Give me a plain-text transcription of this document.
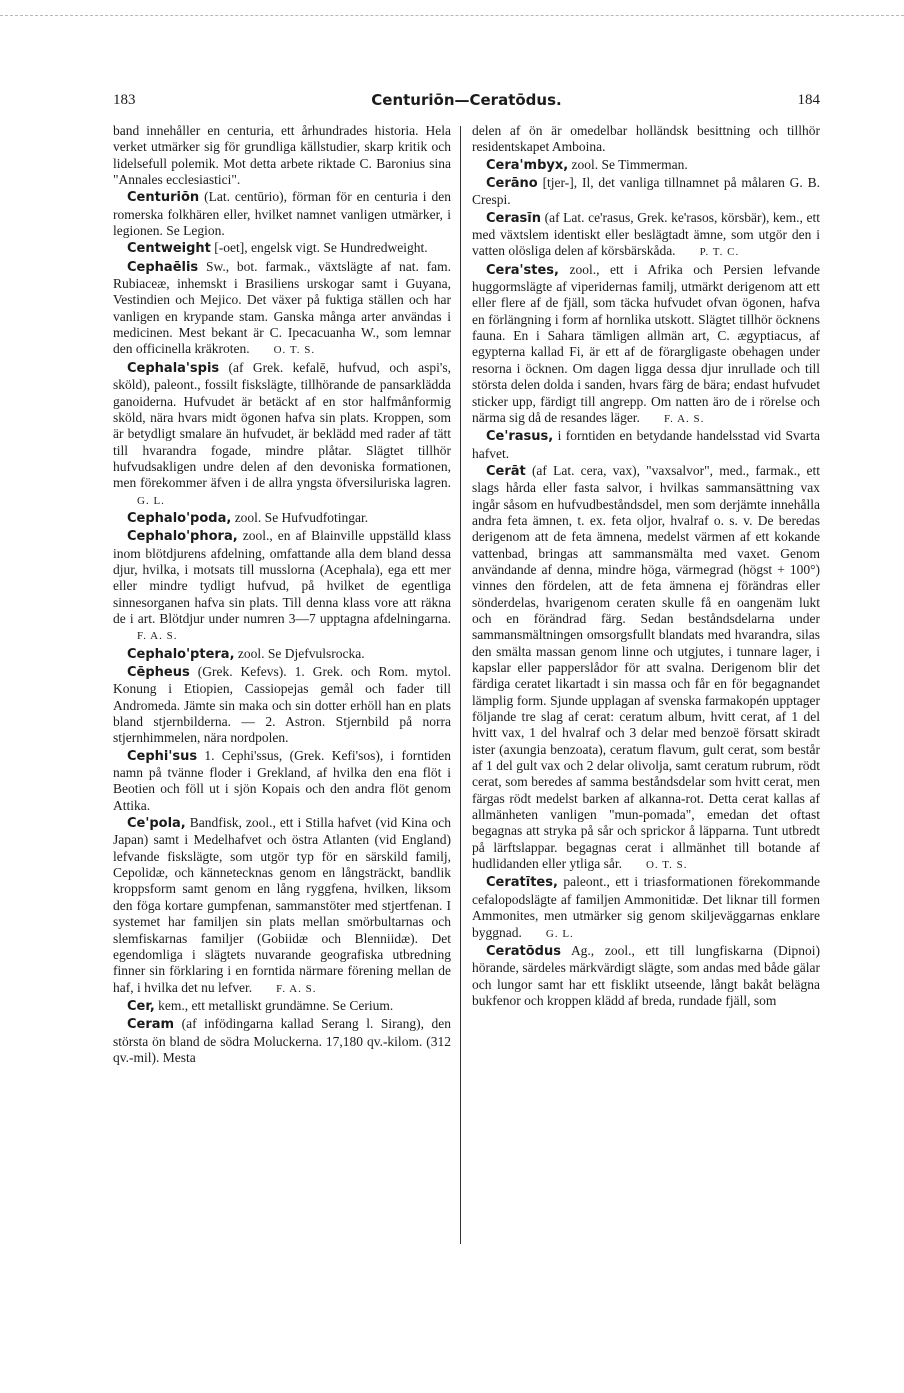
183	Centuriōn—Ceratōdus.	184

band innehåller en centuria, ett århundrades historia. Hela verket utmärker sig för grundliga källstudier, skarp kritik och lidelsefull polemik. Mot detta arbete riktade C. Baronius sina "Annales ecclesiastici".

Centuriōn (Lat. centūrio), förman för en centuria i den romerska folkhären eller, hvilket namnet vanligen utmärker, i legionen. Se Legion.

Centweight [-oet], engelsk vigt. Se Hundredweight.

Cephaēlis Sw., bot. farmak., växtslägte af nat. fam. Rubiaceæ, inhemskt i Brasiliens urskogar samt i Guyana, Vestindien och Mejico. Det växer på fuktiga ställen och har vanligen en krypande stam. Ganska många arter användas i medicinen. Mest bekant är C. Ipecacuanha W., som lemnar den officinella kräkroten. O. T. S.

Cephala'spis (af Grek. kefalē, hufvud, och aspi's, sköld), paleont., fossilt fiskslägte, tillhörande de pansarklädda ganoiderna. Hufvudet är betäckt af en stor halfmånformig sköld, nära hvars midt ögonen hafva sin plats. Kroppen, som är betydligt smalare än hufvudet, är beklädd med rader af tätt till hvarandra fogade, mindre plåtar. Slägtet tillhör hufvudsakligen undre delen af den devoniska formationen, men förekommer äfven i de allra yngsta öfversiluriska lagren.G. L.

Cephalo'poda, zool. Se Hufvudfotingar.

Cephalo'phora, zool., en af Blainville uppställd klass inom blötdjurens afdelning, omfattande alla dem bland dessa djur, hvilka, i motsats till musslorna (Acephala), ega ett mer eller mindre tydligt hufvud, på hvilket de egentliga sinnesorganen hafva sin plats. Till denna klass vore att räkna de i art. Blötdjur under numren 3—7 upptagna afdelningarna.F. A. S.

Cephalo'ptera, zool. Se Djefvulsrocka.

Cēpheus (Grek. Kefevs). 1. Grek. och Rom. mytol. Konung i Etiopien, Cassiopejas gemål och fader till Andromeda. Jämte sin maka och sin dotter erhöll han en plats bland stjernbilderna. — 2. Astron. Stjernbild på norra stjernhimmelen, nära nordpolen.

Cephi'sus 1. Cephi'ssus, (Grek. Kefi'sos), i forntiden namn på tvänne floder i Grekland, af hvilka den ena flöt i Beotien och föll ut i sjön Kopais och den andra flöt genom Attika.

Ce'pola, Bandfisk, zool., ett i Stilla hafvet (vid Kina och Japan) samt i Medelhafvet och östra Atlanten (vid England) lefvande fiskslägte, som utgör typ för en särskild familj, Cepolidæ, och kännetecknas genom en långsträckt, bandlik kroppsform samt genom en lång ryggfena, hvilken, liksom den föga kortare gumpfenan, sammanstöter med stjertfenan. I systemet har familjen sin plats mellan smörbultarnas och slemfiskarnas familjer (Gobiidæ och Blenniidæ). Det egendomliga i slägtets nuvarande geografiska utbredning finner sin förklaring i en forntida närmare förening mellan de haf, i hvilka det nu lefver. F. A. S.

Cer, kem., ett metalliskt grundämne. Se Cerium.

Ceram (af infödingarna kallad Serang l. Sirang), den största ön bland de södra Moluckerna. 17,180 qv.-kilom. (312 qv.-mil). Mesta

delen af ön är omedelbar holländsk besittning och tillhör residentskapet Amboina.

Cera'mbyx, zool. Se Timmerman.

Cerāno [tjer-], Il, det vanliga tillnamnet på målaren G. B. Crespi.

Cerasīn (af Lat. ce'rasus, Grek. ke'rasos, körsbär), kem., ett med växtslem identiskt eller beslägtadt ämne, som utgör den i vatten olösliga delen af körsbärskåda. P. T. C.

Cera'stes, zool., ett i Afrika och Persien lefvande huggormslägte af viperidernas familj, utmärkt derigenom att ett eller flere af de fjäll, som täcka hufvudet ofvan ögonen, hafva en förlängning i form af hornlika utskott. Slägtet tillhör öcknens fauna. En i Sahara tämligen allmän art, C. ægyptiacus, af egypterna kallad Fi, är ett af de förargligaste obehagen under resorna i öcknen. Om dagen ligga dessa djur inrullade och till största delen dolda i sanden, hvars färg de bära; endast hufvudet sticker upp, färdigt till angrepp. Om natten äro de i rörelse och närma sig då de resandes läger. F. A. S.

Ce'rasus, i forntiden en betydande handelsstad vid Svarta hafvet.

Cerāt (af Lat. cera, vax), "vaxsalvor", med., farmak., ett slags hårda eller fasta salvor, i hvilkas sammansättning vax ingår såsom en hufvudbeståndsdel, men som derjämte innehålla andra feta ämnen, t. ex. feta oljor, hvalraf o. s. v. De beredas derigenom att de feta ämnena, medelst värmen af ett kokande vattenbad, bringas att sammansmälta med vaxet. Genom användande af denna, mindre höga, värmegrad (högst + 100°) vinnes den fördelen, att de feta ämnena ej förändras eller sönderdelas, hvarigenom ceraten skulle få en oangenäm lukt och en förändrad färg. Sedan beståndsdelarna under sammansmältningen omsorgsfullt blandats med hvarandra, silas den smälta massan genom linne och utgjutes, i tunnare lager, i kapslar eller papperslådor för att svalna. Derigenom blir det färdiga ceratet likartadt i sin massa och får en för begagnandet lämplig form. Sjunde upplagan af svenska farmakopén upptager följande tre slag af cerat: ceratum album, hvitt cerat, af 1 del hvitt vax, 1 del hvalraf och 3 delar med benzoë försatt skiradt ister (axungia benzoata), ceratum flavum, gult cerat, som består af 1 del gult vax och 2 delar olivolja, samt ceratum rubrum, rödt cerat, som beredes af samma beståndsdelar som hvitt cerat, men färgas rödt medelst barken af alkanna-rot. Detta cerat kallas af allmänheten vanligen "mun-pomada", emedan det oftast begagnas att stryka på sår och sprickor å läpparna. Tunt utbredt på lärftslappar. begagnas cerat i allmänhet till botande af hudlidanden eller ytliga sår. O. T. S.

Ceratītes, paleont., ett i triasformationen förekommande cefalopodslägte af familjen Ammonitidæ. Det liknar till formen Ammonites, men utmärker sig genom skiljeväggarnas enklare byggnad. G. L.

Ceratōdus Ag., zool., ett till lungfiskarna (Dipnoi) hörande, särdeles märkvärdigt slägte, som andas med både gälar och lungor samt har ett fisklikt utseende, långt bakåt belägna bukfenor och kroppen klädd af breda, rundade fjäll, som
